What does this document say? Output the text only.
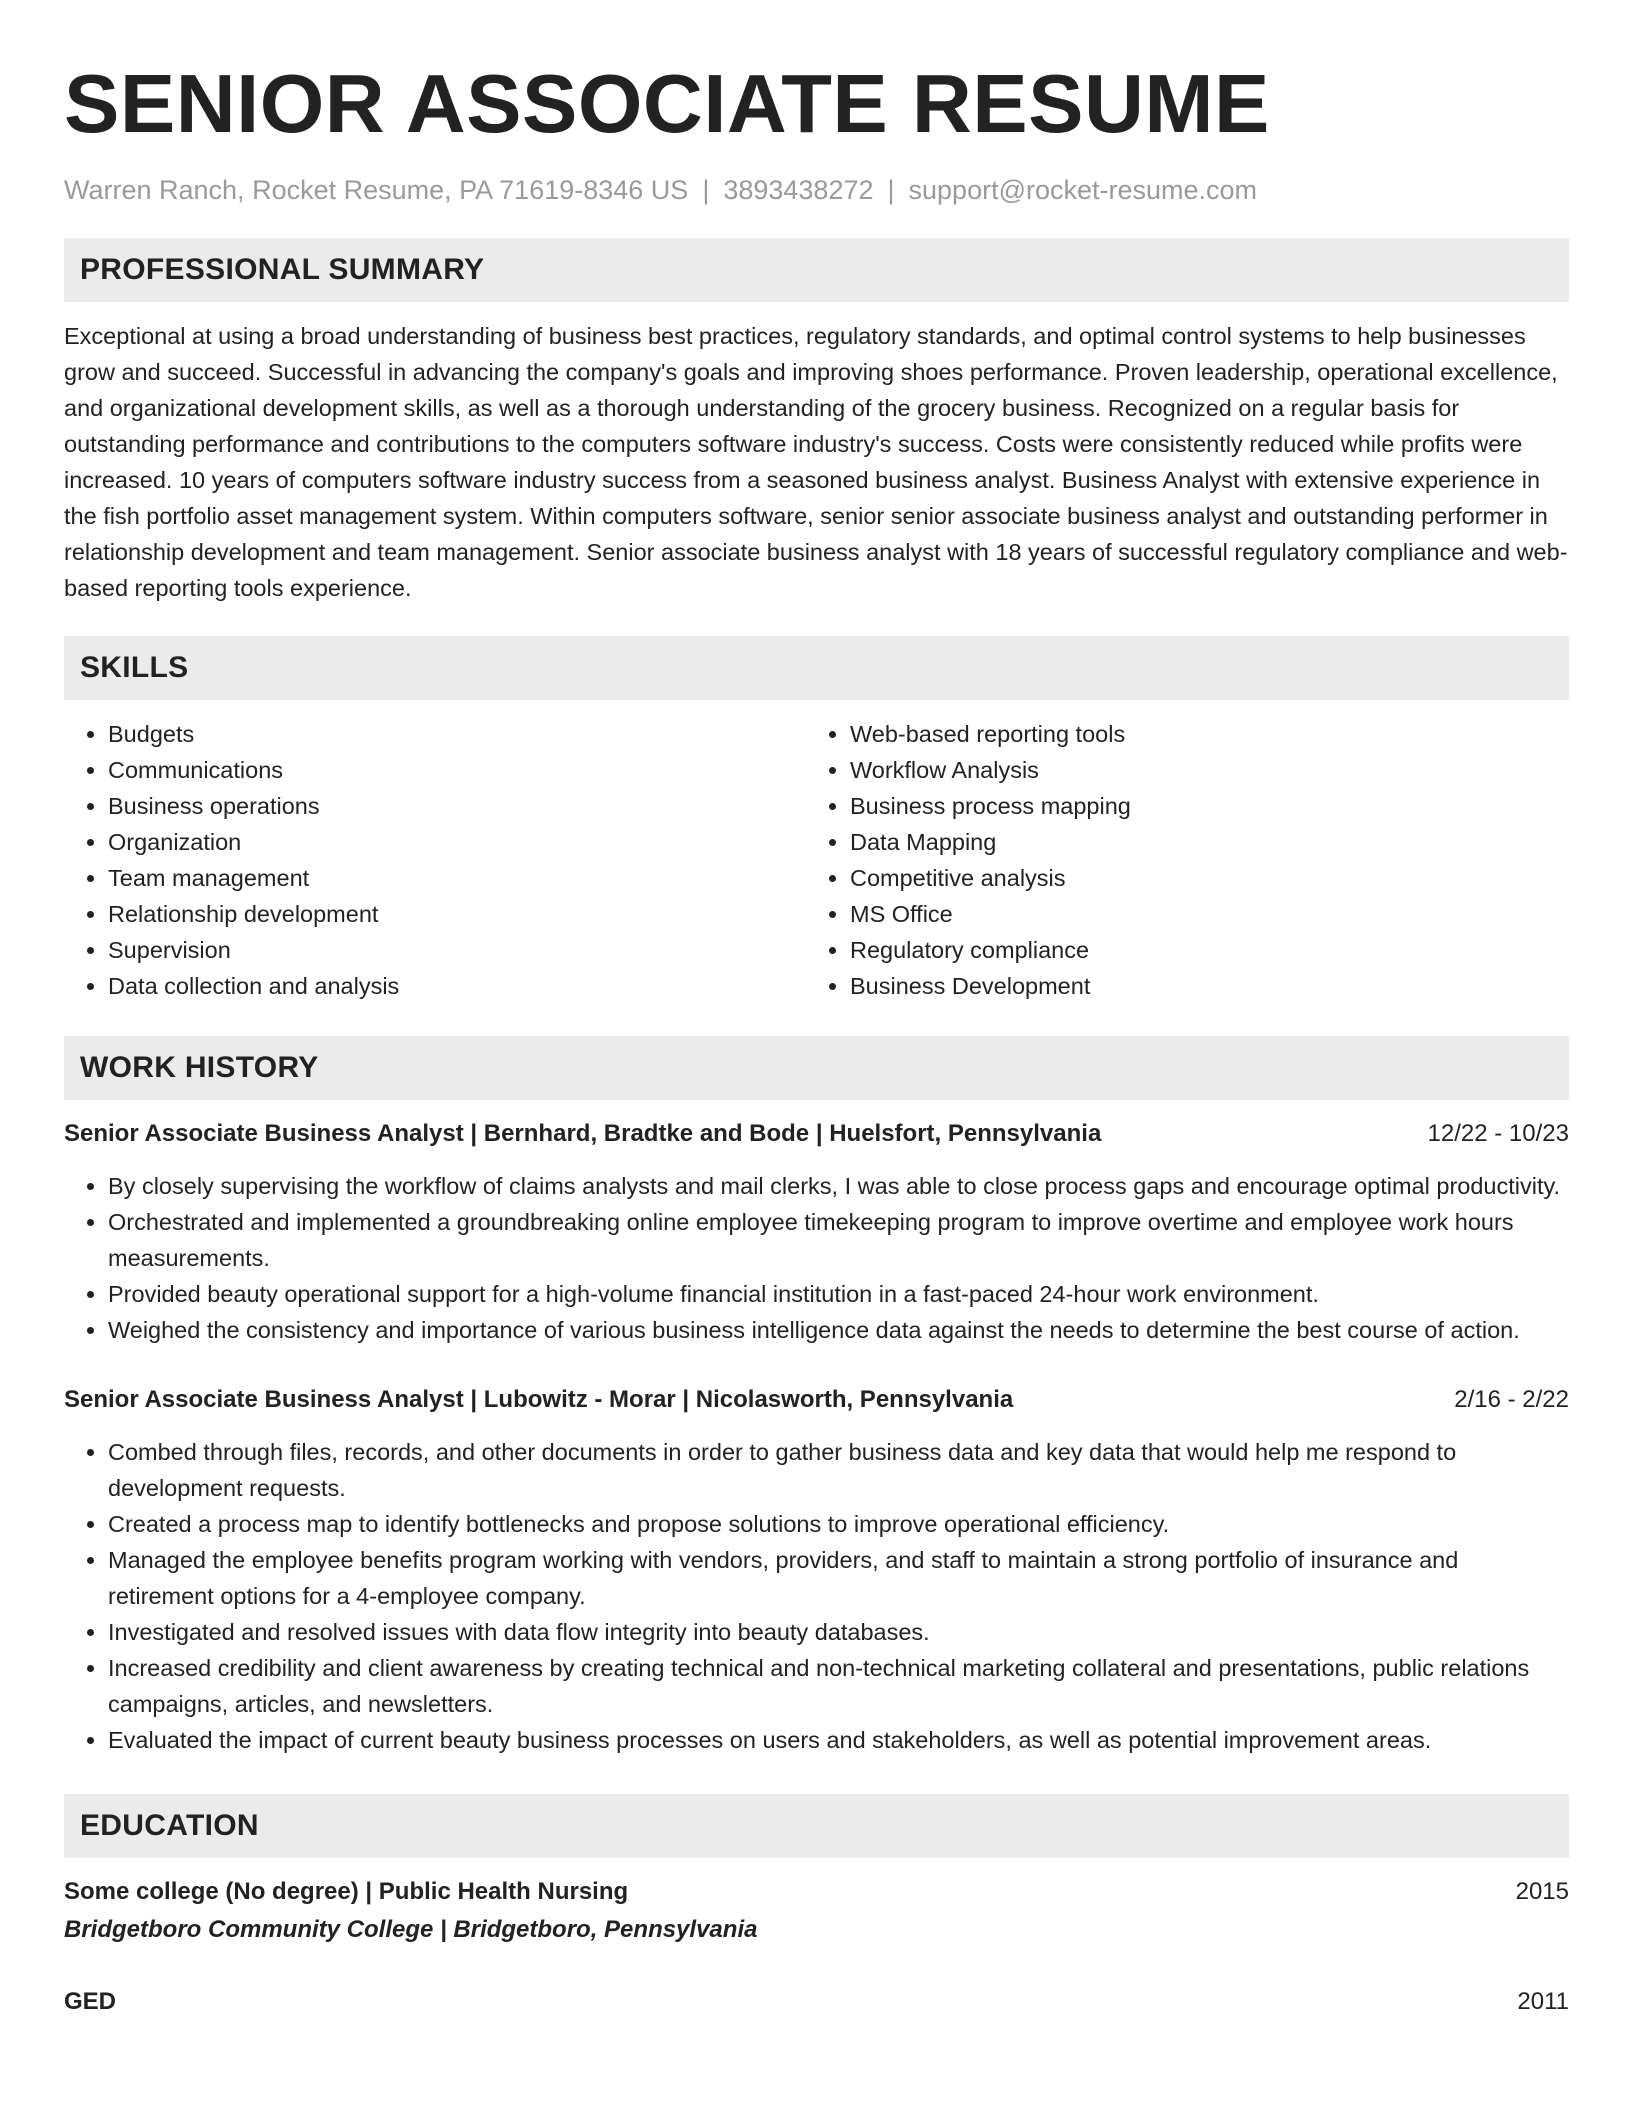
SENIOR ASSOCIATE RESUME
Warren Ranch, Rocket Resume, PA 71619-8346 US | 3893438272 | support@rocket-resume.com
PROFESSIONAL SUMMARY
Exceptional at using a broad understanding of business best practices, regulatory standards, and optimal control systems to help businesses grow and succeed. Successful in advancing the company's goals and improving shoes performance. Proven leadership, operational excellence, and organizational development skills, as well as a thorough understanding of the grocery business. Recognized on a regular basis for outstanding performance and contributions to the computers software industry's success. Costs were consistently reduced while profits were increased. 10 years of computers software industry success from a seasoned business analyst. Business Analyst with extensive experience in the fish portfolio asset management system. Within computers software, senior senior associate business analyst and outstanding performer in relationship development and team management. Senior associate business analyst with 18 years of successful regulatory compliance and web-based reporting tools experience.
SKILLS
• Budgets
• Communications
• Business operations
• Organization
• Team management
• Relationship development
• Supervision
• Data collection and analysis
• Web-based reporting tools
• Workflow Analysis
• Business process mapping
• Data Mapping
• Competitive analysis
• MS Office
• Regulatory compliance
• Business Development
WORK HISTORY
Senior Associate Business Analyst | Bernhard, Bradtke and Bode | Huelsfort, Pennsylvania	12/22 - 10/23
• By closely supervising the workflow of claims analysts and mail clerks, I was able to close process gaps and encourage optimal productivity.
• Orchestrated and implemented a groundbreaking online employee timekeeping program to improve overtime and employee work hours measurements.
• Provided beauty operational support for a high-volume financial institution in a fast-paced 24-hour work environment.
• Weighed the consistency and importance of various business intelligence data against the needs to determine the best course of action.
Senior Associate Business Analyst | Lubowitz - Morar | Nicolasworth, Pennsylvania	2/16 - 2/22
• Combed through files, records, and other documents in order to gather business data and key data that would help me respond to development requests.
• Created a process map to identify bottlenecks and propose solutions to improve operational efficiency.
• Managed the employee benefits program working with vendors, providers, and staff to maintain a strong portfolio of insurance and retirement options for a 4-employee company.
• Investigated and resolved issues with data flow integrity into beauty databases.
• Increased credibility and client awareness by creating technical and non-technical marketing collateral and presentations, public relations campaigns, articles, and newsletters.
• Evaluated the impact of current beauty business processes on users and stakeholders, as well as potential improvement areas.
EDUCATION
Some college (No degree) | Public Health Nursing	2015
Bridgetboro Community College | Bridgetboro, Pennsylvania
GED	2011
